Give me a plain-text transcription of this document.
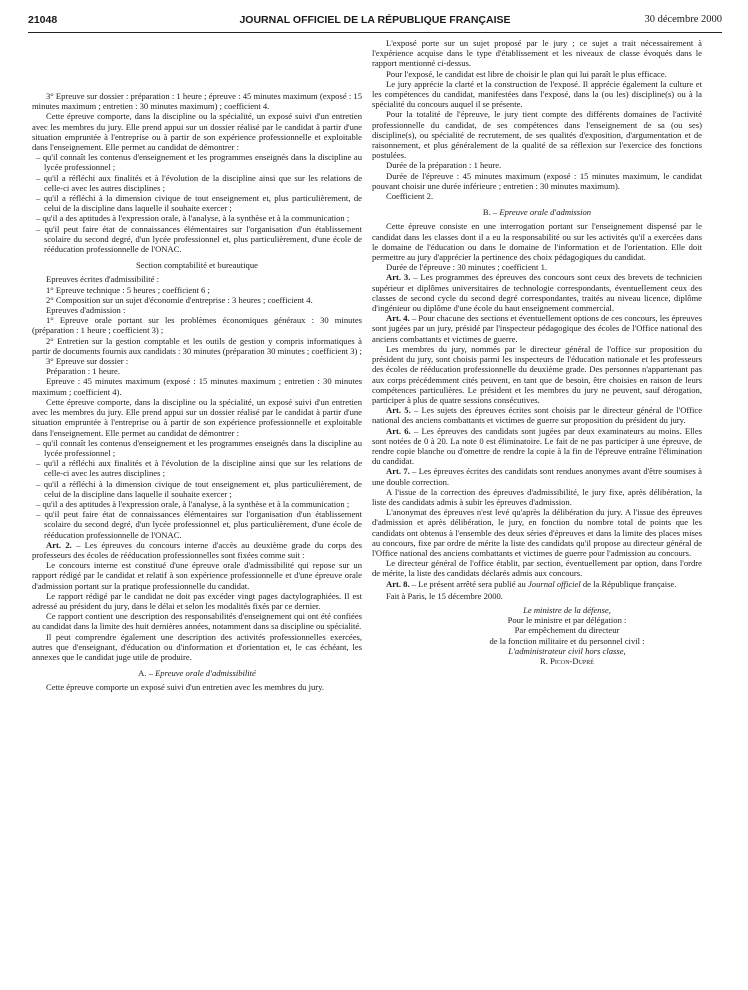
21048	JOURNAL OFFICIEL DE LA RÉPUBLIQUE FRANÇAISE	30 décembre 2000

3° Epreuve sur dossier : préparation : 1 heure ; épreuve : 45 minutes maximum (exposé : 15 minutes maximum ; entretien : 30 minutes maximum) ; coefficient 4.

Cette épreuve comporte, dans la discipline ou la spécialité, un exposé suivi d'un entretien avec les membres du jury. Elle prend appui sur un dossier réalisé par le candidat à partir d'une situation empruntée à l'entreprise ou à partir de son expérience professionnelle et exploitable dans l'enseignement. Elle permet au candidat de démontrer :

– qu'il connaît les contenus d'enseignement et les programmes enseignés dans la discipline au lycée professionnel ;
– qu'il a réfléchi aux finalités et à l'évolution de la discipline ainsi que sur les relations de celle-ci avec les autres disciplines ;
– qu'il a réfléchi à la dimension civique de tout enseignement et, plus particulièrement, de celui de la discipline dans laquelle il souhaite exercer ;
– qu'il a des aptitudes à l'expression orale, à l'analyse, à la synthèse et à la communication ;
– qu'il peut faire état de connaissances élémentaires sur l'organisation d'un établissement scolaire du second degré, d'un lycée professionnel et, plus particulièrement, d'une école de rééducation professionnelle de l'ONAC.

Section comptabilité et bureautique

Epreuves écrites d'admissibilité :

1° Epreuve technique : 5 heures ; coefficient 6 ;

2° Composition sur un sujet d'économie d'entreprise : 3 heures ; coefficient 4.

Epreuves d'admission :

1° Epreuve orale portant sur les problèmes économiques généraux : 30 minutes (préparation : 1 heure ; coefficient 3) ;

2° Entretien sur la gestion comptable et les outils de gestion y compris informatiques à partir de documents fournis aux candidats : 30 minutes (préparation 30 minutes ; coefficient 3) ;

3° Epreuve sur dossier :

Préparation : 1 heure.

Epreuve : 45 minutes maximum (exposé : 15 minutes maximum ; entretien : 30 minutes maximum ; coefficient 4).

Cette épreuve comporte, dans la discipline ou la spécialité, un exposé suivi d'un entretien avec les membres du jury. Elle prend appui sur un dossier réalisé par le candidat à partir d'une situation empruntée à l'entreprise ou à partir de son expérience professionnelle et exploitable dans l'enseignement. Elle permet au candidat de démontrer :

– qu'il connaît les contenus d'enseignement et les programmes enseignés dans la discipline au lycée professionnel ;
– qu'il a réfléchi aux finalités et à l'évolution de la discipline ainsi que sur les relations de celle-ci avec les autres disciplines ;
– qu'il a réfléchi à la dimension civique de tout enseignement et, plus particulièrement, de celui de la discipline dans laquelle il souhaite exercer ;
– qu'il a des aptitudes à l'expression orale, à l'analyse, à la synthèse et à la communication ;
– qu'il peut faire état de connaissances élémentaires sur l'organisation d'un établissement scolaire du second degré, d'un lycée professionnel et, plus particulièrement, d'une école de rééducation professionnelle de l'ONAC.

Art. 2. – Les épreuves du concours interne d'accès au deuxième grade du corps des professeurs des écoles de rééducation professionnelles sont fixées comme suit :

Le concours interne est constitué d'une épreuve orale d'admissibilité qui repose sur un rapport rédigé par le candidat et relatif à son expérience professionnelle et d'une épreuve orale d'admission portant sur la pratique professionnelle du candidat.

Le rapport rédigé par le candidat ne doit pas excéder vingt pages dactylographiées. Il est adressé au président du jury, dans le délai et selon les modalités fixés par ce dernier.

Ce rapport contient une description des responsabilités d'enseignement qui ont été confiées au candidat dans la limite des huit dernières années, notamment dans sa discipline ou spécialité.

Il peut comprendre également une description des activités professionnelles exercées, autres que d'enseignant, d'éducation ou d'information et d'orientation et, le cas échéant, les annexes que le candidat juge utile de produire.

A. – Epreuve orale d'admissibilité

Cette épreuve comporte un exposé suivi d'un entretien avec les membres du jury.

L'exposé porte sur un sujet proposé par le jury ; ce sujet a trait nécessairement à l'expérience acquise dans le type d'établissement et les niveaux de classe évoqués dans le rapport mentionné ci-dessus.

Pour l'exposé, le candidat est libre de choisir le plan qui lui paraît le plus efficace.

Le jury apprécie la clarté et la construction de l'exposé. Il apprécie également la culture et les compétences du candidat, manifestées dans l'exposé, dans la (ou les) discipline(s) ou à la spécialité du concours auquel il se présente.

Pour la totalité de l'épreuve, le jury tient compte des différents domaines de l'activité professionnelle du candidat, de ses compétences dans l'enseignement de sa (ou ses) discipline(s), ou spécialité de recrutement, de ses qualités d'exposition, d'argumentation et de raisonnement, et plus généralement de la qualité de sa réflexion sur l'exercice des fonctions postulées.

Durée de la préparation : 1 heure.

Durée de l'épreuve : 45 minutes maximum (exposé : 15 minutes maximum, le candidat pouvant choisir une durée inférieure ; entretien : 30 minutes maximum).

Coefficient 2.

B. – Epreuve orale d'admission

Cette épreuve consiste en une interrogation portant sur l'enseignement dispensé par le candidat dans les classes dont il a eu la responsabilité ou sur les activités qu'il a exercées dans le domaine de l'éducation ou dans le domaine de l'information et de l'orientation. Elle doit permettre au jury d'apprécier la pertinence des choix pédagogiques du candidat.

Durée de l'épreuve : 30 minutes ; coefficient 1.

Art. 3. – Les programmes des épreuves des concours sont ceux des brevets de technicien supérieur et diplômes universitaires de technologie correspondants, éventuellement ceux des classes de second cycle du second degré correspondantes, traités au niveau licence, diplôme d'ingénieur ou diplôme d'une école du haut enseignement commercial.

Art. 4. – Pour chacune des sections et éventuellement options de ces concours, les épreuves sont jugées par un jury, présidé par l'inspecteur pédagogique des écoles de l'Office national des anciens combattants et victimes de guerre.

Les membres du jury, nommés par le directeur général de l'office sur proposition du président du jury, sont choisis parmi les inspecteurs de l'éducation nationale et les professeurs des écoles de rééducation professionnelle du deuxième grade. Des personnes n'appartenant pas aux corps précédemment cités peuvent, en tant que de besoin, être choisies en raison de leurs compétences particulières. Le président et les membres du jury ne peuvent, sauf dérogation, participer à plus de quatre sessions consécutives.

Art. 5. – Les sujets des épreuves écrites sont choisis par le directeur général de l'Office national des anciens combattants et victimes de guerre sur proposition du président du jury.

Art. 6. – Les épreuves des candidats sont jugées par deux examinateurs au moins. Elles sont notées de 0 à 20. La note 0 est éliminatoire. Le fait de ne pas participer à une épreuve, de rendre copie blanche ou d'omettre de rendre la copie à la fin de l'épreuve entraîne l'élimination du candidat.

Art. 7. – Les épreuves écrites des candidats sont rendues anonymes avant d'être soumises à une double correction.

A l'issue de la correction des épreuves d'admissibilité, le jury fixe, après délibération, la liste des candidats admis à subir les épreuves d'admission.

L'anonymat des épreuves n'est levé qu'après la délibération du jury. A l'issue des épreuves d'admission et après délibération, le jury, en fonction du nombre total de points que les candidats ont obtenus à l'ensemble des deux séries d'épreuves et dans la limite des places mises au concours, fixe par ordre de mérite la liste des candidats qu'il propose au directeur général de l'Office national des anciens combattants et victimes de guerre pour l'admission au concours.

Le directeur général de l'office établit, par section, éventuellement par option, dans l'ordre de mérite, la liste des candidats déclarés admis aux concours.

Art. 8. – Le présent arrêté sera publié au Journal officiel de la République française.

Fait à Paris, le 15 décembre 2000.

Le ministre de la défense,

Pour le ministre et par délégation :

Par empêchement du directeur

de la fonction militaire et du personnel civil :

L'administrateur civil hors classe,

R. Picon-Dupré
